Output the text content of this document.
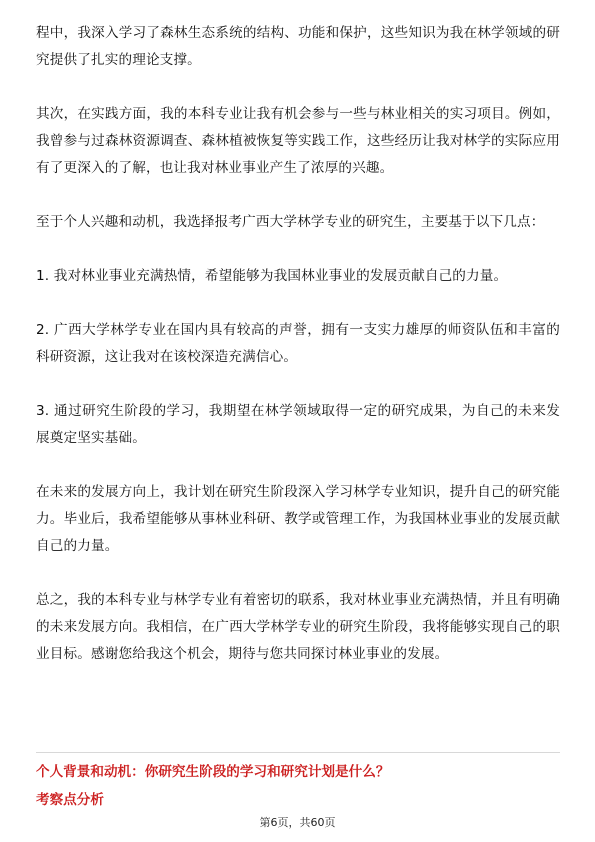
程中，我深入学习了森林生态系统的结构、功能和保护，这些知识为我在林学领域的研究提供了扎实的理论支撑。

其次，在实践方面，我的本科专业让我有机会参与一些与林业相关的实习项目。例如，我曾参与过森林资源调查、森林植被恢复等实践工作，这些经历让我对林学的实际应用有了更深入的了解，也让我对林业事业产生了浓厚的兴趣。

至于个人兴趣和动机，我选择报考广西大学林学专业的研究生，主要基于以下几点：

1. 我对林业事业充满热情，希望能够为我国林业事业的发展贡献自己的力量。

2. 广西大学林学专业在国内具有较高的声誉，拥有一支实力雄厚的师资队伍和丰富的科研资源，这让我对在该校深造充满信心。

3. 通过研究生阶段的学习，我期望在林学领域取得一定的研究成果，为自己的未来发展奠定坚实基础。

在未来的发展方向上，我计划在研究生阶段深入学习林学专业知识，提升自己的研究能力。毕业后，我希望能够从事林业科研、教学或管理工作，为我国林业事业的发展贡献自己的力量。

总之，我的本科专业与林学专业有着密切的联系，我对林业事业充满热情，并且有明确的未来发展方向。我相信，在广西大学林学专业的研究生阶段，我将能够实现自己的职业目标。感谢您给我这个机会，期待与您共同探讨林业事业的发展。

个人背景和动机：你研究生阶段的学习和研究计划是什么？
考察点分析
第6页，共60页
